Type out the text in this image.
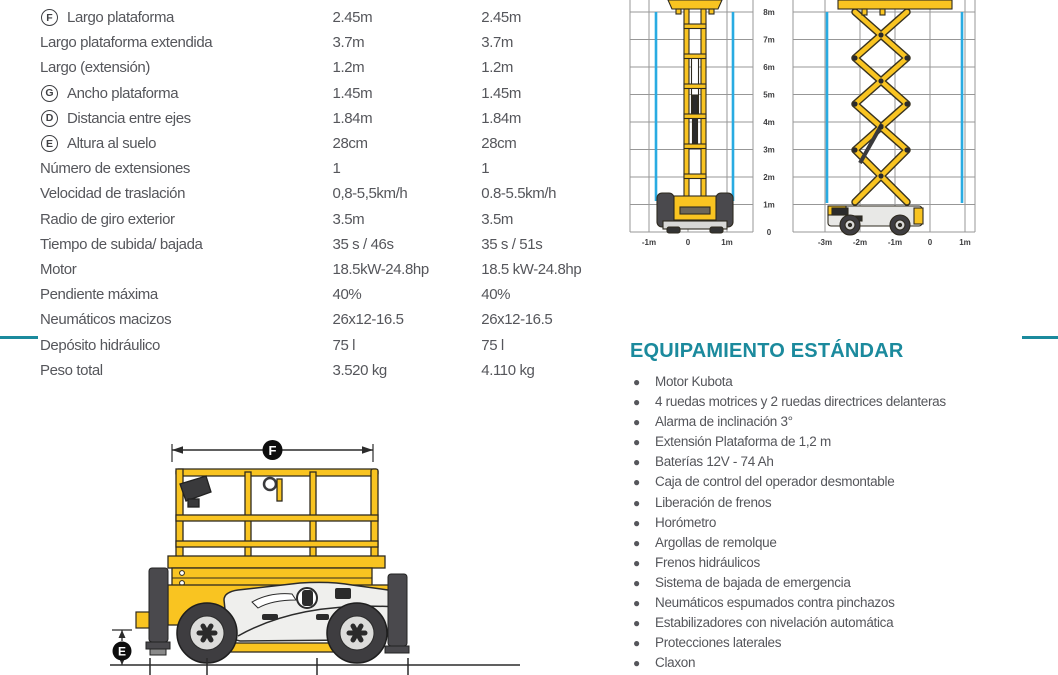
F Largo plataforma	2.45m	2.45m
Largo plataforma extendida	3.7m	3.7m
Largo (extensión)	1.2m	1.2m
G Ancho plataforma	1.45m	1.45m
D Distancia entre ejes	1.84m	1.84m
E Altura al suelo	28cm	28cm
Número de extensiones	1	1
Velocidad de traslación	0,8-5,5km/h	0.8-5.5km/h
Radio de giro exterior	3.5m	3.5m
Tiempo de subida/ bajada	35 s / 46s	35 s / 51s
Motor	18.5kW-24.8hp	18.5 kW-24.8hp
Pendiente máxima	40%	40%
Neumáticos macizos	26x12-16.5	26x12-16.5
Depósito hidráulico	75 l	75 l
Peso total	3.520 kg	4.110 kg
8m
7m
6m
5m
4m
3m
2m
1m
0
-1m	0	1m	-3m	-2m	-1m	0	1m
EQUIPAMIENTO ESTÁNDAR
● Motor Kubota
● 4 ruedas motrices y 2 ruedas directrices delanteras
● Alarma de inclinación 3°
● Extensión Plataforma de 1,2 m
● Baterías 12V - 74 Ah
● Caja de control del operador desmontable
● Liberación de frenos
● Horómetro
● Argollas de remolque
● Frenos hidráulicos
● Sistema de bajada de emergencia
● Neumáticos espumados contra pinchazos
● Estabilizadores con nivelación automática
● Protecciones laterales
● Claxon
F
E
